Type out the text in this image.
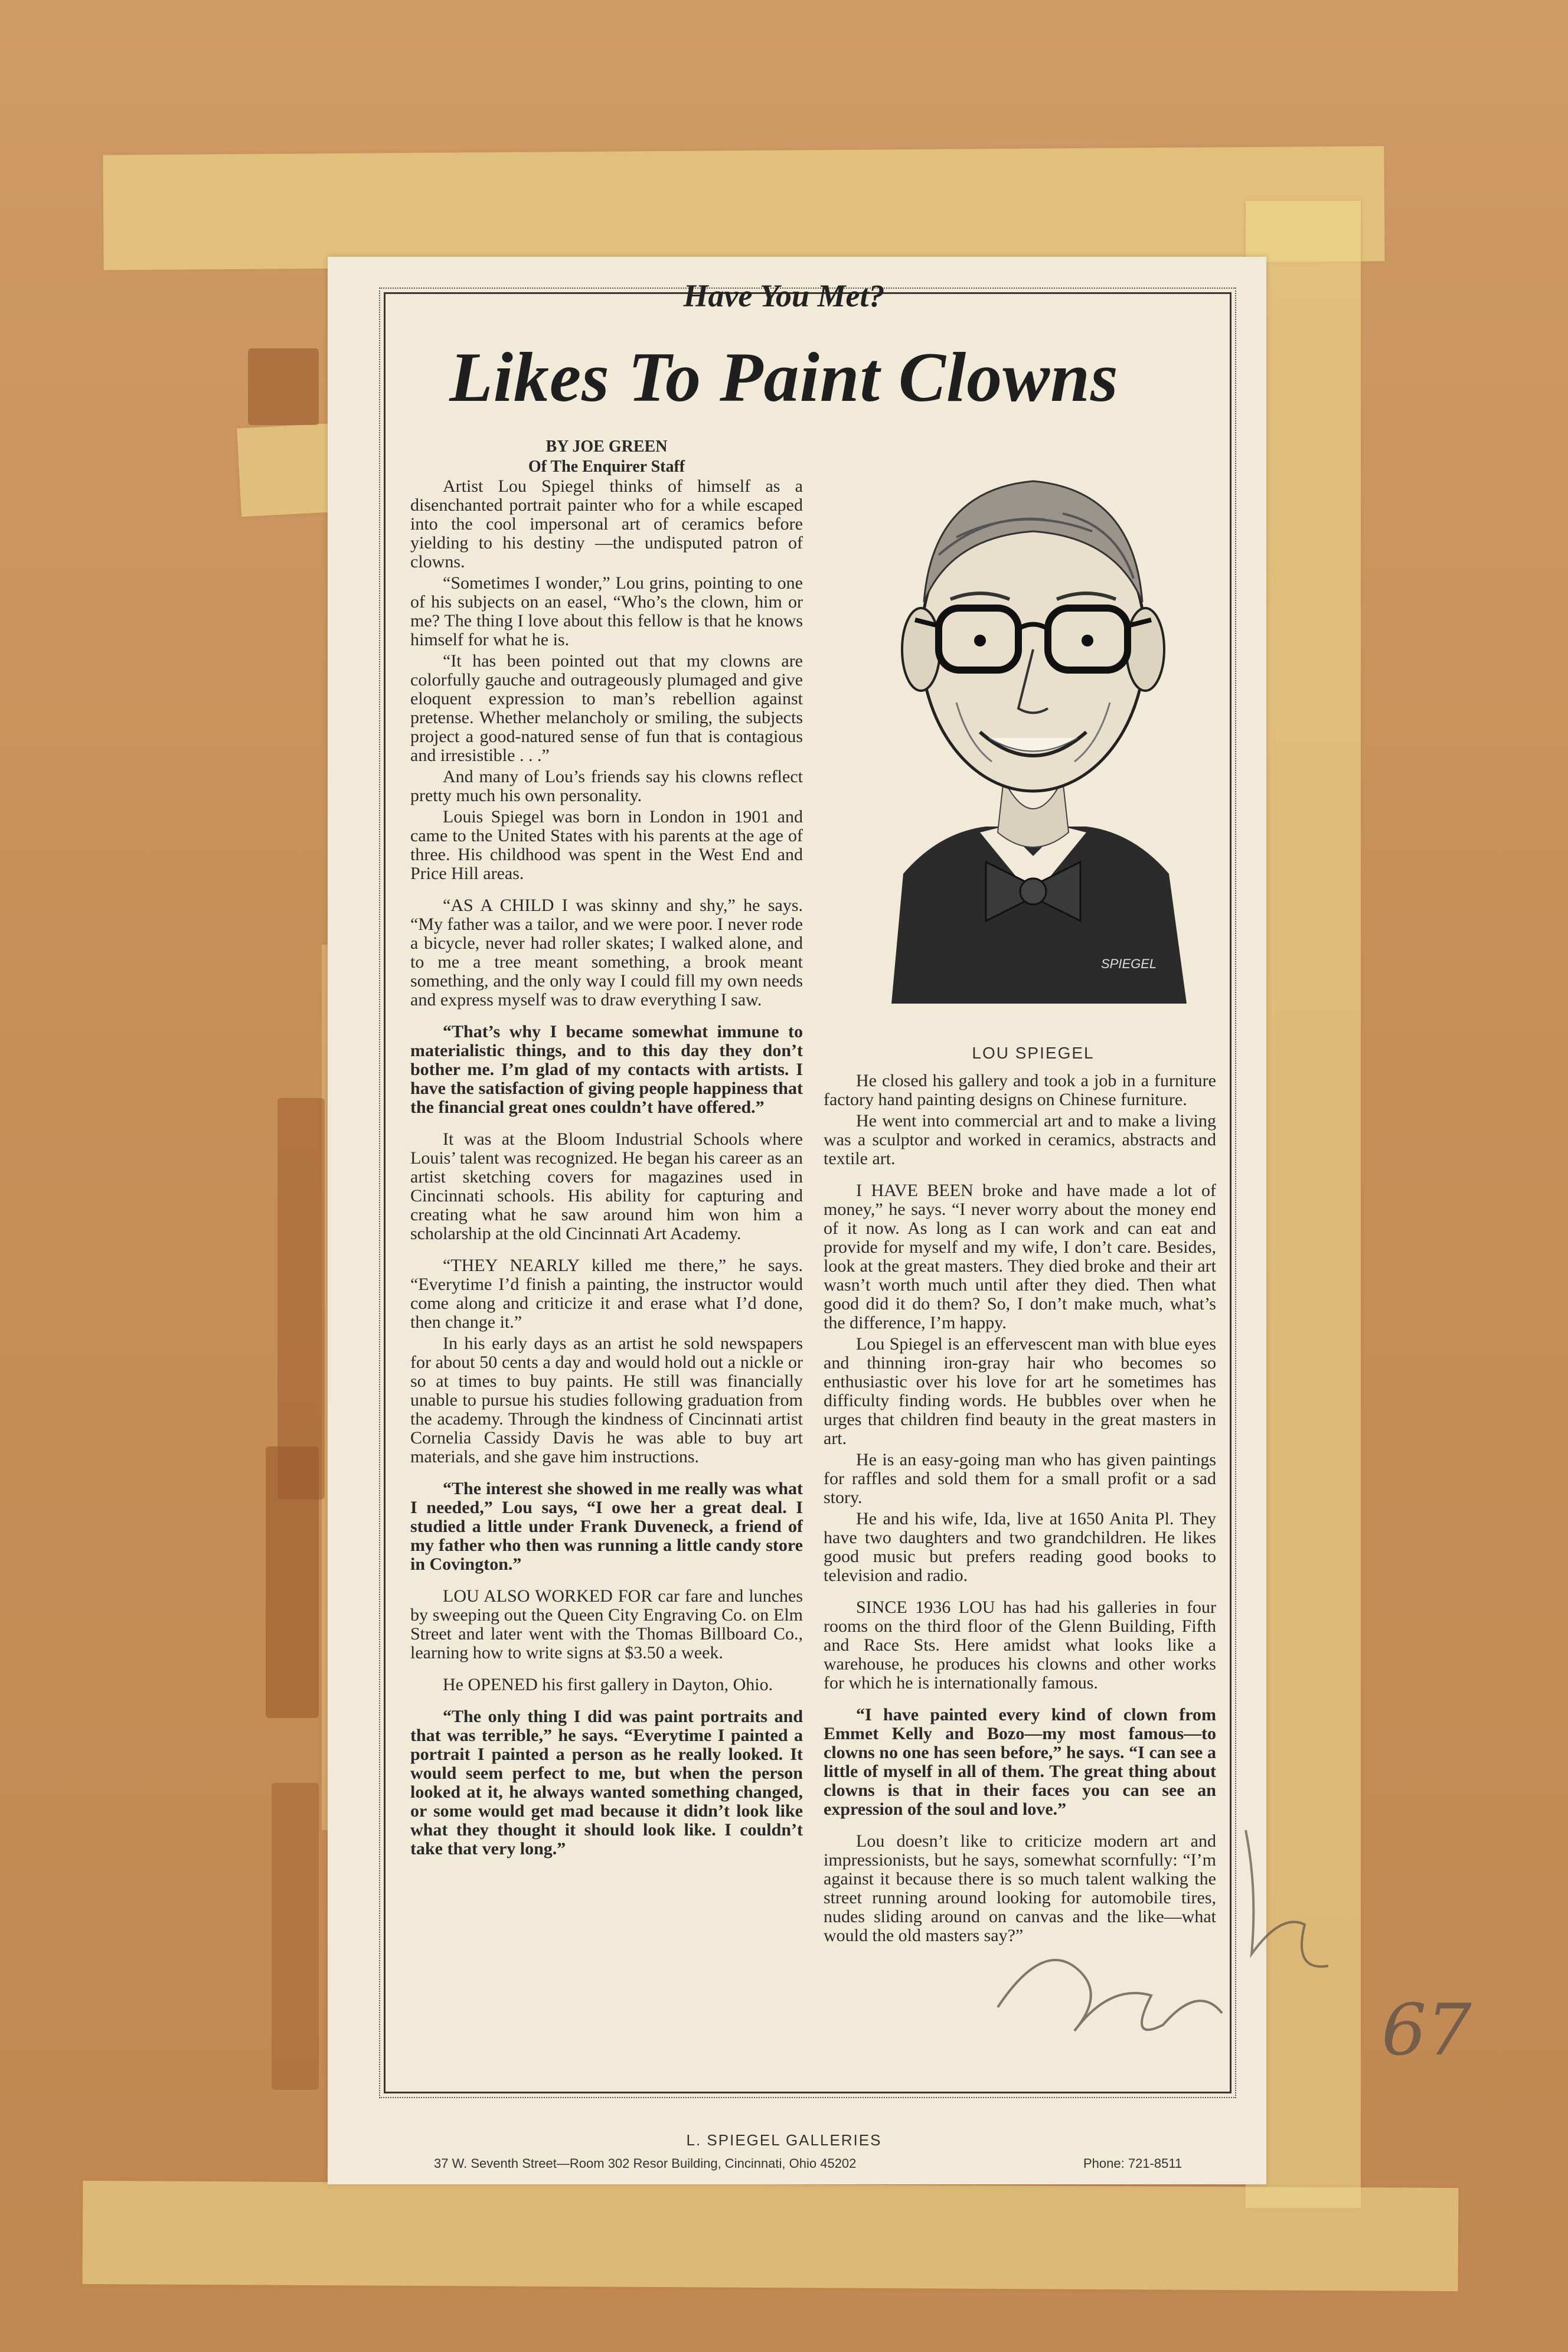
Have You Met?
Likes To Paint Clowns
BY JOE GREEN
Of The Enquirer Staff

Artist Lou Spiegel thinks of himself as a disenchanted portrait painter who for a while escaped into the cool impersonal art of ceramics before yielding to his destiny —the undisputed patron of clowns.

“Sometimes I wonder,” Lou grins, pointing to one of his subjects on an easel, “Who’s the clown, him or me? The thing I love about this fellow is that he knows himself for what he is.

“It has been pointed out that my clowns are colorfully gauche and outrageously plumaged and give eloquent expression to man’s rebellion against pretense. Whether melancholy or smiling, the subjects project a good-natured sense of fun that is contagious and irresistible . . .”

And many of Lou’s friends say his clowns reflect pretty much his own personality.

Louis Spiegel was born in London in 1901 and came to the United States with his parents at the age of three. His childhood was spent in the West End and Price Hill areas.

“AS A CHILD I was skinny and shy,” he says. “My father was a tailor, and we were poor. I never rode a bicycle, never had roller skates; I walked alone, and to me a tree meant something, a brook meant something, and the only way I could fill my own needs and express myself was to draw everything I saw.

“That’s why I became somewhat immune to materialistic things, and to this day they don’t bother me. I’m glad of my contacts with artists. I have the satisfaction of giving people happiness that the financial great ones couldn’t have offered.”

It was at the Bloom Industrial Schools where Louis’ talent was recognized. He began his career as an artist sketching covers for magazines used in Cincinnati schools. His ability for capturing and creating what he saw around him won him a scholarship at the old Cincinnati Art Academy.

“THEY NEARLY killed me there,” he says. “Everytime I’d finish a painting, the instructor would come along and criticize it and erase what I’d done, then change it.”

In his early days as an artist he sold newspapers for about 50 cents a day and would hold out a nickle or so at times to buy paints. He still was financially unable to pursue his studies following graduation from the academy. Through the kindness of Cincinnati artist Cornelia Cassidy Davis he was able to buy art materials, and she gave him instructions.

“The interest she showed in me really was what I needed,” Lou says, “I owe her a great deal. I studied a little under Frank Duveneck, a friend of my father who then was running a little candy store in Covington.”

LOU ALSO WORKED FOR car fare and lunches by sweeping out the Queen City Engraving Co. on Elm Street and later went with the Thomas Billboard Co., learning how to write signs at $3.50 a week.

He OPENED his first gallery in Dayton, Ohio.

“The only thing I did was paint portraits and that was terrible,” he says. “Everytime I painted a portrait I painted a person as he really looked. It would seem perfect to me, but when the person looked at it, he always wanted something changed, or some would get mad because it didn’t look like what they thought it should look like. I couldn’t take that very long.”

SPIEGEL
LOU SPIEGEL

He closed his gallery and took a job in a furniture factory hand painting designs on Chinese furniture.

He went into commercial art and to make a living was a sculptor and worked in ceramics, abstracts and textile art.

I HAVE BEEN broke and have made a lot of money,” he says. “I never worry about the money end of it now. As long as I can work and can eat and provide for myself and my wife, I don’t care. Besides, look at the great masters. They died broke and their art wasn’t worth much until after they died. Then what good did it do them? So, I don’t make much, what’s the difference, I’m happy.

Lou Spiegel is an effervescent man with blue eyes and thinning iron-gray hair who becomes so enthusiastic over his love for art he sometimes has difficulty finding words. He bubbles over when he urges that children find beauty in the great masters in art.

He is an easy-going man who has given paintings for raffles and sold them for a small profit or a sad story.

He and his wife, Ida, live at 1650 Anita Pl. They have two daughters and two grandchildren. He likes good music but prefers reading good books to television and radio.

SINCE 1936 LOU has had his galleries in four rooms on the third floor of the Glenn Building, Fifth and Race Sts. Here amidst what looks like a warehouse, he produces his clowns and other works for which he is internationally famous.

“I have painted every kind of clown from Emmet Kelly and Bozo—my most famous—to clowns no one has seen before,” he says. “I can see a little of myself in all of them. The great thing about clowns is that in their faces you can see an expression of the soul and love.”

Lou doesn’t like to criticize modern art and impressionists, but he says, somewhat scornfully: “I’m against it because there is so much talent walking the street running around looking for automobile tires, nudes sliding around on canvas and the like—what would the old masters say?”

L. SPIEGEL GALLERIES
37 W. Seventh Street—Room 302 Resor Building, Cincinnati, Ohio 45202	Phone: 721-8511
67
